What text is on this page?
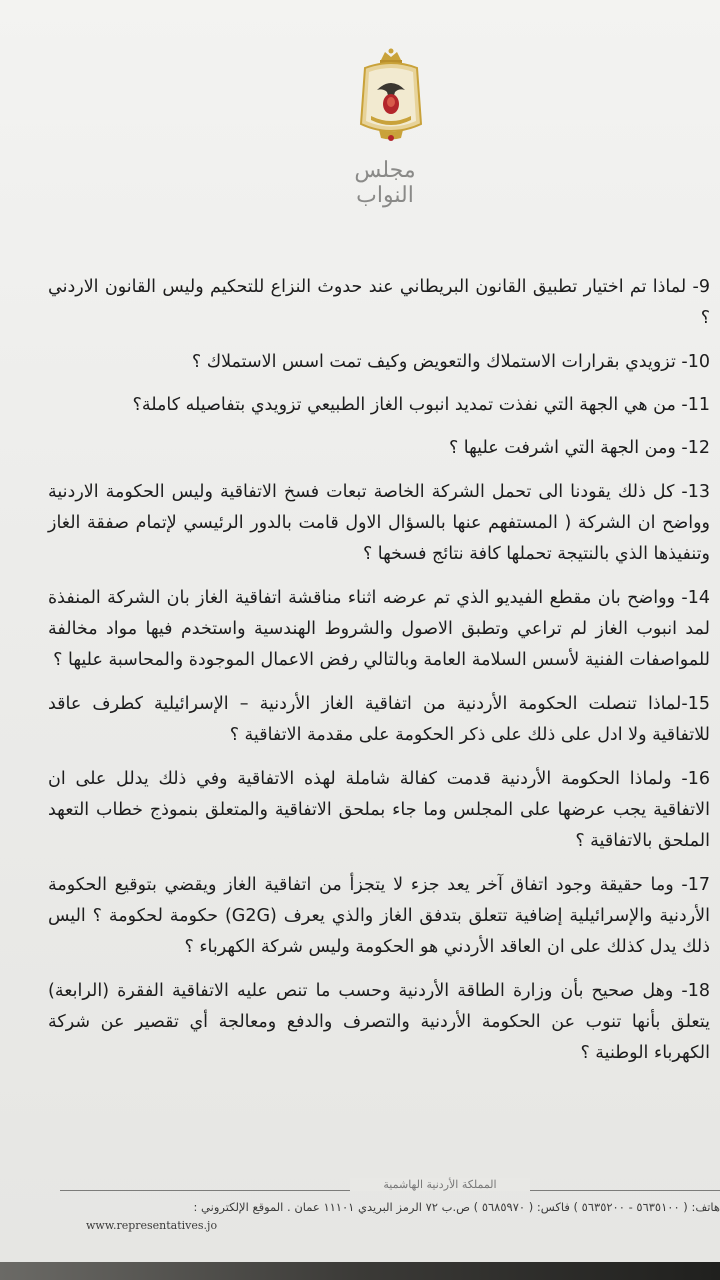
مجلس النواب

9- لماذا تم اختيار تطبيق القانون البريطاني عند حدوث النزاع للتحكيم وليس القانون الاردني ؟

10- تزويدي بقرارات الاستملاك والتعويض وكيف تمت اسس الاستملاك ؟

11- من هي الجهة التي نفذت تمديد انبوب الغاز الطبيعي تزويدي بتفاصيله كاملة؟

12- ومن الجهة التي اشرفت عليها ؟

13- كل ذلك يقودنا الى تحمل الشركة الخاصة تبعات فسخ الاتفاقية وليس الحكومة الاردنية وواضح ان الشركة ( المستفهم عنها بالسؤال الاول قامت بالدور الرئيسي لإتمام صفقة الغاز وتنفيذها الذي بالنتيجة تحملها كافة نتائج فسخها ؟

14- وواضح بان مقطع الفيديو الذي تم عرضه اثناء مناقشة اتفاقية الغاز بان الشركة المنفذة لمد انبوب الغاز لم تراعي وتطبق الاصول والشروط الهندسية واستخدم فيها مواد مخالفة للمواصفات الفنية لأسس السلامة العامة وبالتالي رفض الاعمال الموجودة والمحاسبة عليها ؟

15-لماذا تنصلت الحكومة الأردنية من اتفاقية الغاز الأردنية – الإسرائيلية كطرف عاقد للاتفاقية ولا ادل على ذلك على ذكر الحكومة على مقدمة الاتفاقية ؟

16- ولماذا الحكومة الأردنية قدمت كفالة شاملة لهذه الاتفاقية وفي ذلك يدلل على ان الاتفاقية يجب عرضها على المجلس وما جاء بملحق الاتفاقية والمتعلق بنموذج خطاب التعهد الملحق بالاتفاقية ؟

17- وما حقيقة وجود اتفاق آخر يعد جزء لا يتجزأ من اتفاقية الغاز ويقضي بتوقيع الحكومة الأردنية والإسرائيلية إضافية تتعلق بتدفق الغاز والذي يعرف (G2G) حكومة لحكومة ؟ اليس ذلك يدل كذلك على ان العاقد الأردني هو الحكومة وليس شركة الكهرباء ؟

18- وهل صحيح بأن وزارة الطاقة الأردنية وحسب ما تنص عليه الاتفاقية الفقرة (الرابعة) يتعلق بأنها تنوب عن الحكومة الأردنية والتصرف والدفع ومعالجة أي تقصير عن شركة الكهرباء الوطنية ؟

المملكة الأردنية الهاشمية
هاتف: ( ٥٦٣٥١٠٠ - ٥٦٣٥٢٠٠ ) فاكس: ( ٥٦٨٥٩٧٠ ) ص.ب ٧٢ الرمز البريدي ١١١٠١ عمان . الموقع الإلكتروني :
www.representatives.jo
